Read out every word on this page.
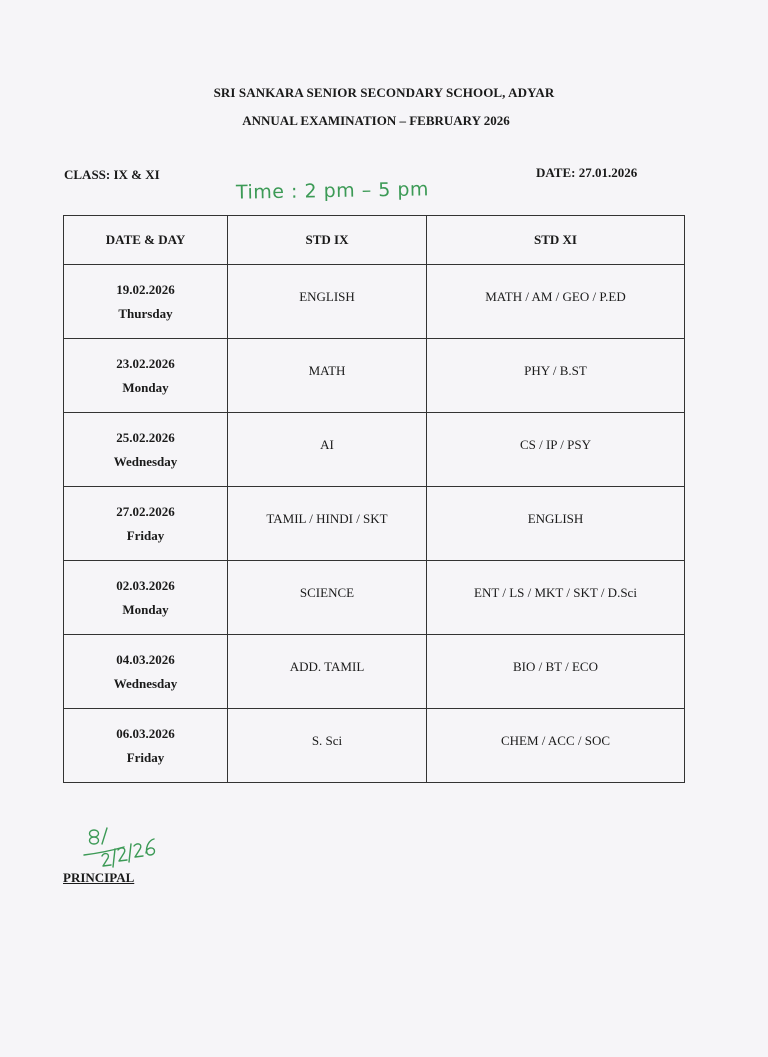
SRI SANKARA SENIOR SECONDARY SCHOOL, ADYAR
ANNUAL EXAMINATION – FEBRUARY 2026
CLASS: IX & XI	DATE: 27.01.2026
Time : 2 pm – 5 pm
DATE & DAY	STD IX	STD XI

19.02.2026
Thursday	ENGLISH	MATH / AM / GEO / P.ED

23.02.2026
Monday	MATH	PHY / B.ST

25.02.2026
Wednesday	AI	CS / IP / PSY

27.02.2026
Friday	TAMIL / HINDI / SKT	ENGLISH

02.03.2026
Monday	SCIENCE	ENT / LS / MKT / SKT / D.Sci

04.03.2026
Wednesday	ADD. TAMIL	BIO / BT / ECO

06.03.2026
Friday	S. Sci	CHEM / ACC / SOC
PRINCIPAL
